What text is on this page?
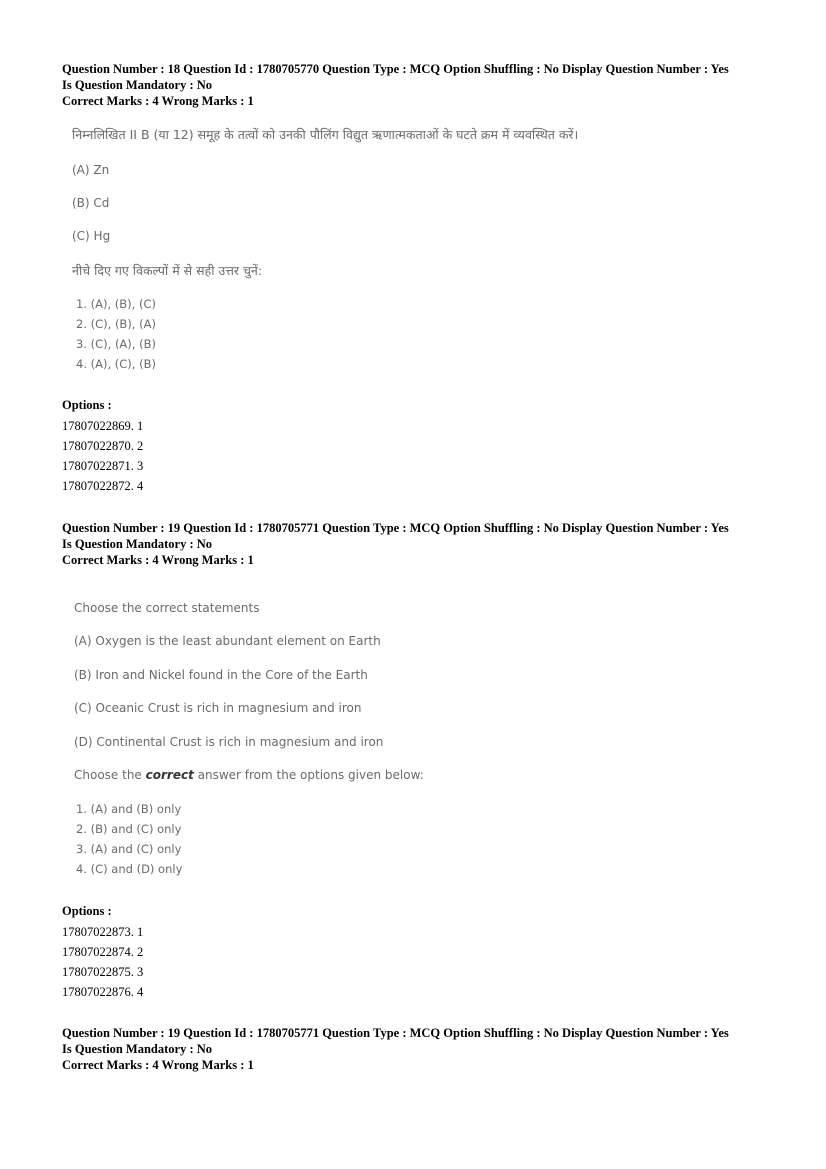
Question Number : 18 Question Id : 1780705770 Question Type : MCQ Option Shuffling : No Display Question Number : Yes
Is Question Mandatory : No
Correct Marks : 4 Wrong Marks : 1
निम्नलिखित II B (या 12) समूह के तत्वों को उनकी पौलिंग विद्युत ऋणात्मकताओं के घटते क्रम में व्यवस्थित करें।
(A) Zn
(B) Cd
(C) Hg
नीचे दिए गए विकल्पों में से सही उत्तर चुनें:
1. (A), (B), (C)
2. (C), (B), (A)
3. (C), (A), (B)
4. (A), (C), (B)
Options :
17807022869. 1
17807022870. 2
17807022871. 3
17807022872. 4
Question Number : 19 Question Id : 1780705771 Question Type : MCQ Option Shuffling : No Display Question Number : Yes
Is Question Mandatory : No
Correct Marks : 4 Wrong Marks : 1
Choose the correct statements
(A) Oxygen is the least abundant element on Earth
(B) Iron and Nickel found in the Core of the Earth
(C) Oceanic Crust is rich in magnesium and iron
(D) Continental Crust is rich in magnesium and iron
Choose the correct answer from the options given below:
1. (A) and (B) only
2. (B) and (C) only
3. (A) and (C) only
4. (C) and (D) only
Options :
17807022873. 1
17807022874. 2
17807022875. 3
17807022876. 4
Question Number : 19 Question Id : 1780705771 Question Type : MCQ Option Shuffling : No Display Question Number : Yes
Is Question Mandatory : No
Correct Marks : 4 Wrong Marks : 1
